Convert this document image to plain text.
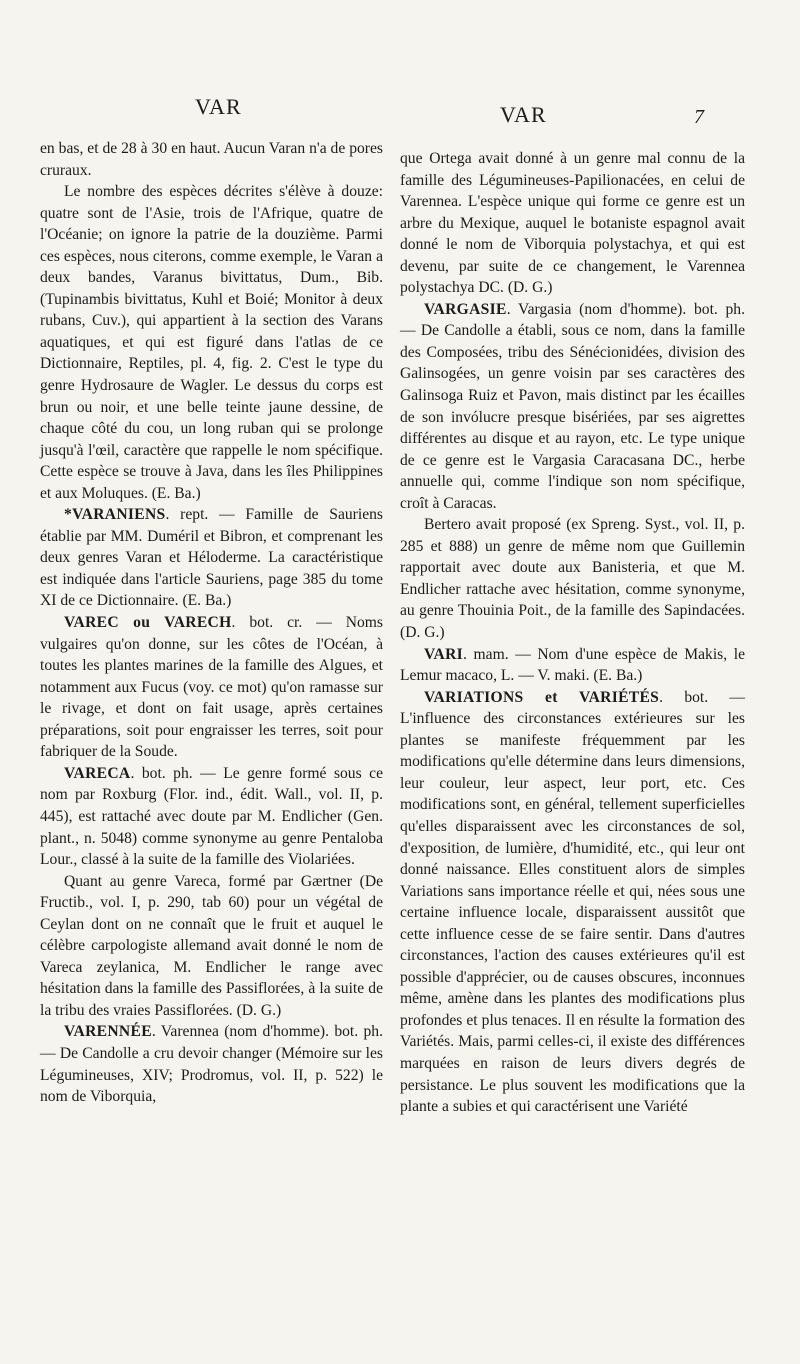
VAR	VAR	7

en bas, et de 28 à 30 en haut. Aucun Varan n'a de pores cruraux.

Le nombre des espèces décrites s'élève à douze: quatre sont de l'Asie, trois de l'Afrique, quatre de l'Océanie; on ignore la patrie de la douzième. Parmi ces espèces, nous citerons, comme exemple, le Varan a deux bandes, Varanus bivittatus, Dum., Bib. (Tupinambis bivittatus, Kuhl et Boié; Monitor à deux rubans, Cuv.), qui appartient à la section des Varans aquatiques, et qui est figuré dans l'atlas de ce Dictionnaire, Reptiles, pl. 4, fig. 2. C'est le type du genre Hydrosaure de Wagler. Le dessus du corps est brun ou noir, et une belle teinte jaune dessine, de chaque côté du cou, un long ruban qui se prolonge jusqu'à l'œil, caractère que rappelle le nom spécifique. Cette espèce se trouve à Java, dans les îles Philippines et aux Moluques. (E. Ba.)

*VARANIENS. rept. — Famille de Sauriens établie par MM. Duméril et Bibron, et comprenant les deux genres Varan et Héloderme. La caractéristique est indiquée dans l'article Sauriens, page 385 du tome XI de ce Dictionnaire. (E. Ba.)

VAREC ou VARECH. bot. cr. — Noms vulgaires qu'on donne, sur les côtes de l'Océan, à toutes les plantes marines de la famille des Algues, et notamment aux Fucus (voy. ce mot) qu'on ramasse sur le rivage, et dont on fait usage, après certaines préparations, soit pour engraisser les terres, soit pour fabriquer de la Soude.

VARECA. bot. ph. — Le genre formé sous ce nom par Roxburg (Flor. ind., édit. Wall., vol. II, p. 445), est rattaché avec doute par M. Endlicher (Gen. plant., n. 5048) comme synonyme au genre Pentaloba Lour., classé à la suite de la famille des Violariées.

Quant au genre Vareca, formé par Gærtner (De Fructib., vol. I, p. 290, tab 60) pour un végétal de Ceylan dont on ne connaît que le fruit et auquel le célèbre carpologiste allemand avait donné le nom de Vareca zeylanica, M. Endlicher le range avec hésitation dans la famille des Passiflorées, à la suite de la tribu des vraies Passiflorées. (D. G.)

VARENNÉE. Varennea (nom d'homme). bot. ph. — De Candolle a cru devoir changer (Mémoire sur les Légumineuses, XIV; Prodromus, vol. II, p. 522) le nom de Viborquia,

que Ortega avait donné à un genre mal connu de la famille des Légumineuses-Papilionacées, en celui de Varennea. L'espèce unique qui forme ce genre est un arbre du Mexique, auquel le botaniste espagnol avait donné le nom de Viborquia polystachya, et qui est devenu, par suite de ce changement, le Varennea polystachya DC. (D. G.)

VARGASIE. Vargasia (nom d'homme). bot. ph. — De Candolle a établi, sous ce nom, dans la famille des Composées, tribu des Sénécionidées, division des Galinsogées, un genre voisin par ses caractères des Galinsoga Ruiz et Pavon, mais distinct par les écailles de son invólucre presque bisériées, par ses aigrettes différentes au disque et au rayon, etc. Le type unique de ce genre est le Vargasia Caracasana DC., herbe annuelle qui, comme l'indique son nom spécifique, croît à Caracas.

Bertero avait proposé (ex Spreng. Syst., vol. II, p. 285 et 888) un genre de même nom que Guillemin rapportait avec doute aux Banisteria, et que M. Endlicher rattache avec hésitation, comme synonyme, au genre Thouinia Poit., de la famille des Sapindacées. (D. G.)

VARI. mam. — Nom d'une espèce de Makis, le Lemur macaco, L. — V. maki. (E. Ba.)

VARIATIONS et VARIÉTÉS. bot. — L'influence des circonstances extérieures sur les plantes se manifeste fréquemment par les modifications qu'elle détermine dans leurs dimensions, leur couleur, leur aspect, leur port, etc. Ces modifications sont, en général, tellement superficielles qu'elles disparaissent avec les circonstances de sol, d'exposition, de lumière, d'humidité, etc., qui leur ont donné naissance. Elles constituent alors de simples Variations sans importance réelle et qui, nées sous une certaine influence locale, disparaissent aussitôt que cette influence cesse de se faire sentir. Dans d'autres circonstances, l'action des causes extérieures qu'il est possible d'apprécier, ou de causes obscures, inconnues même, amène dans les plantes des modifications plus profondes et plus tenaces. Il en résulte la formation des Variétés. Mais, parmi celles-ci, il existe des différences marquées en raison de leurs divers degrés de persistance. Le plus souvent les modifications que la plante a subies et qui caractérisent une Variété
